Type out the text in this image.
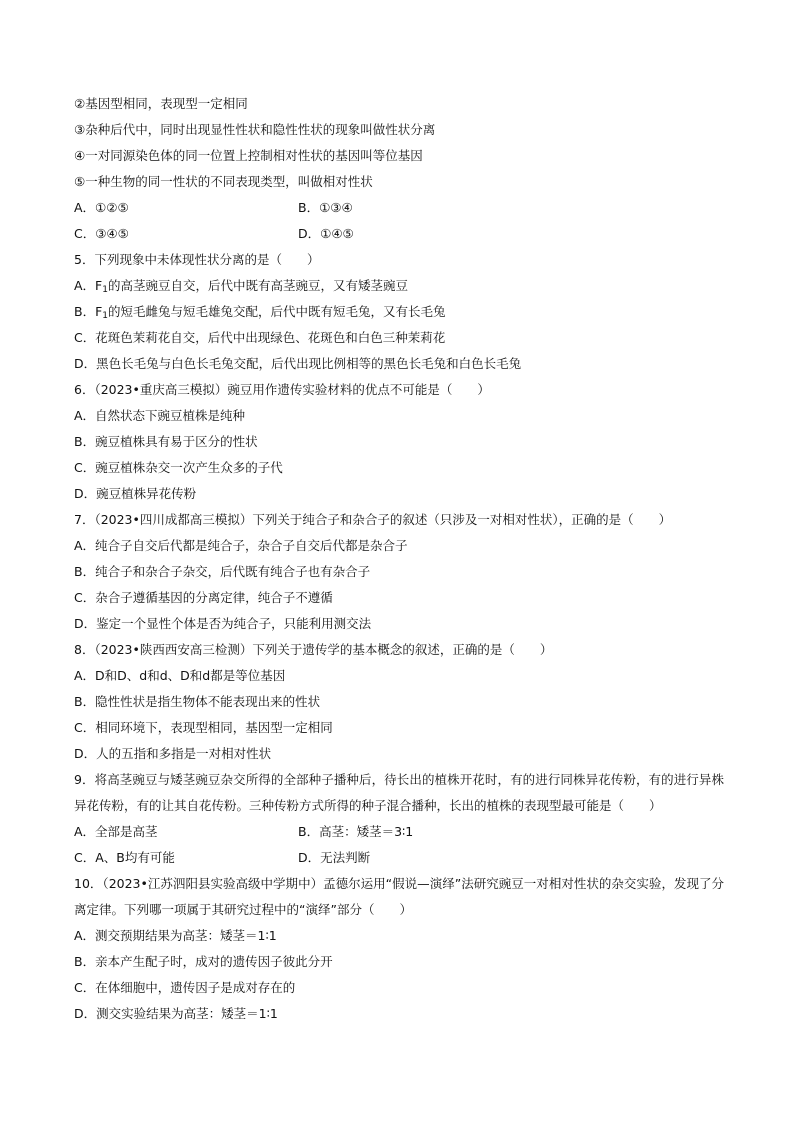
②基因型相同，表现型一定相同
③杂种后代中，同时出现显性性状和隐性性状的现象叫做性状分离
④一对同源染色体的同一位置上控制相对性状的基因叫等位基因
⑤一种生物的同一性状的不同表现类型，叫做相对性状
A．①②⑤	B．①③④
C．③④⑤	D．①④⑤
5．下列现象中未体现性状分离的是（　　）
A．$F_1$的高茎豌豆自交，后代中既有高茎豌豆，又有矮茎豌豆
B．$F_1$的短毛雌兔与短毛雄兔交配，后代中既有短毛兔，又有长毛兔
C．花斑色茉莉花自交，后代中出现绿色、花斑色和白色三种茉莉花
D．黑色长毛兔与白色长毛兔交配，后代出现比例相等的黑色长毛兔和白色长毛兔
6．（2023•重庆高三模拟）豌豆用作遗传实验材料的优点不可能是（　　）
A．自然状态下豌豆植株是纯种
B．豌豆植株具有易于区分的性状
C．豌豆植株杂交一次产生众多的子代
D．豌豆植株异花传粉
7．（2023•四川成都高三模拟）下列关于纯合子和杂合子的叙述（只涉及一对相对性状），正确的是（　　）
A．纯合子自交后代都是纯合子，杂合子自交后代都是杂合子
B．纯合子和杂合子杂交，后代既有纯合子也有杂合子
C．杂合子遵循基因的分离定律，纯合子不遵循
D．鉴定一个显性个体是否为纯合子，只能利用测交法
8．（2023•陕西西安高三检测）下列关于遗传学的基本概念的叙述，正确的是（　　）
A．D和D、d和d、D和d都是等位基因
B．隐性性状是指生物体不能表现出来的性状
C．相同环境下，表现型相同，基因型一定相同
D．人的五指和多指是一对相对性状
9．将高茎豌豆与矮茎豌豆杂交所得的全部种子播种后，待长出的植株开花时，有的进行同株异花传粉，有的进行异株异花传粉，有的让其自花传粉。三种传粉方式所得的种子混合播种，长出的植株的表现型最可能是（　　）
A．全部是高茎	B．高茎：矮茎＝3∶1
C．A、B均有可能	D．无法判断
10．（2023•江苏泗阳县实验高级中学期中）孟德尔运用“假说—演绎”法研究豌豆一对相对性状的杂交实验，发现了分离定律。下列哪一项属于其研究过程中的“演绎”部分（　　）
A．测交预期结果为高茎：矮茎＝1∶1
B．亲本产生配子时，成对的遗传因子彼此分开
C．在体细胞中，遗传因子是成对存在的
D．测交实验结果为高茎：矮茎＝1∶1
